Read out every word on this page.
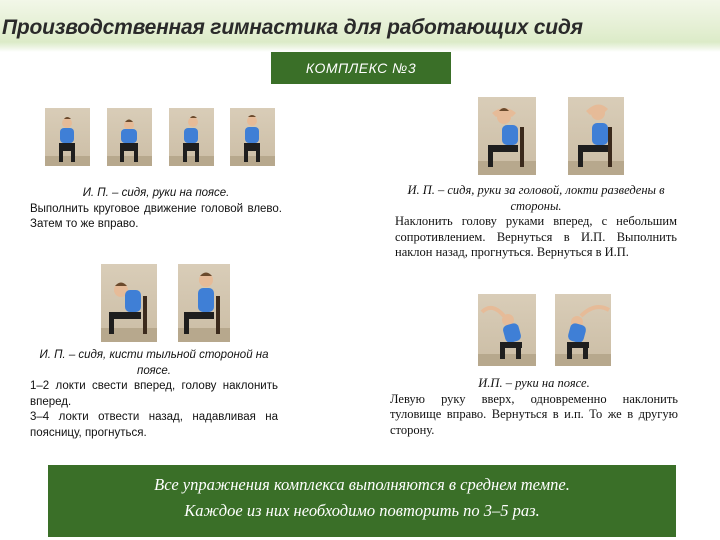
Производственная гимнастика для работающих сидя
КОМПЛЕКС №3
И. П. – сидя, руки на поясе.
Выполнить круговое движение головой влево. Затем то же вправо.
И. П. – сидя, руки за головой, локти разведены в стороны.
Наклонить голову руками вперед, с небольшим сопротивлением. Вернуться в И.П. Выполнить наклон назад, прогнуться. Вернуться в И.П.
И. П. – сидя, кисти тыльной стороной на поясе.
1–2 локти свести вперед, голову наклонить вперед.
3–4 локти отвести назад, надавливая на поясницу, прогнуться.
И.П. – руки на поясе.
Левую руку вверх, одновременно наклонить туловище вправо. Вернуться в и.п. То же в другую сторону.
Все упражнения комплекса выполняются в среднем темпе.
Каждое из них необходимо повторить по 3–5 раз.
